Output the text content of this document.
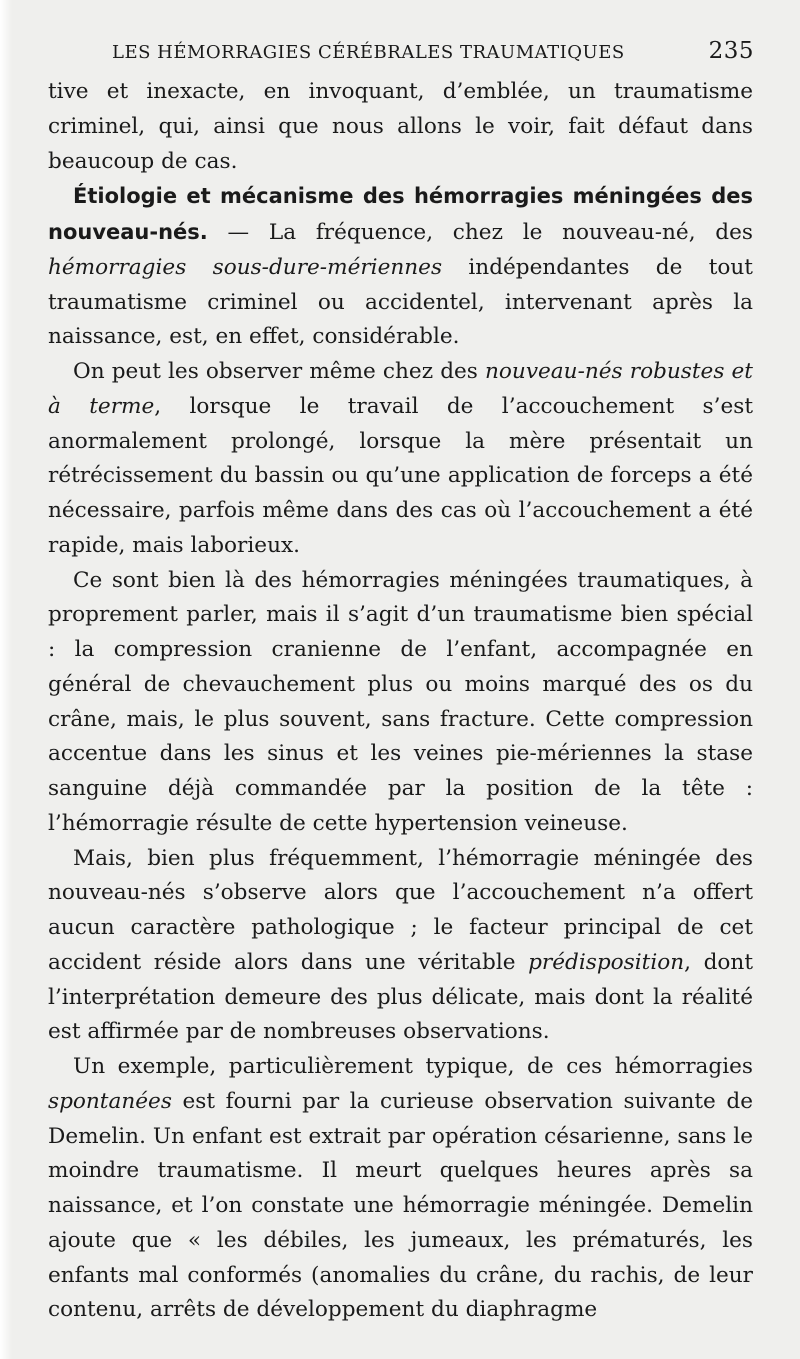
LES HÉMORRAGIES CÉRÉBRALES TRAUMATIQUES	235

tive et inexacte, en invoquant, d’emblée, un traumatisme criminel, qui, ainsi que nous allons le voir, fait défaut dans beaucoup de cas.

Étiologie et mécanisme des hémorragies méningées des nouveau-nés. — La fréquence, chez le nouveau-né, des hémorragies sous-dure-mériennes indépendantes de tout traumatisme criminel ou accidentel, intervenant après la naissance, est, en effet, considérable.

On peut les observer même chez des nouveau-nés robustes et à terme, lorsque le travail de l’accouchement s’est anormalement prolongé, lorsque la mère présentait un rétrécissement du bassin ou qu’une application de forceps a été nécessaire, parfois même dans des cas où l’accouchement a été rapide, mais laborieux.

Ce sont bien là des hémorragies méningées traumatiques, à proprement parler, mais il s’agit d’un traumatisme bien spécial : la compression cranienne de l’enfant, accompagnée en général de chevauchement plus ou moins marqué des os du crâne, mais, le plus souvent, sans fracture. Cette compression accentue dans les sinus et les veines pie-mériennes la stase sanguine déjà commandée par la position de la tête : l’hémorragie résulte de cette hypertension veineuse.

Mais, bien plus fréquemment, l’hémorragie méningée des nouveau-nés s’observe alors que l’accouchement n’a offert aucun caractère pathologique ; le facteur principal de cet accident réside alors dans une véritable prédisposition, dont l’interprétation demeure des plus délicate, mais dont la réalité est affirmée par de nombreuses observations.

Un exemple, particulièrement typique, de ces hémorragies spontanées est fourni par la curieuse observation suivante de Demelin. Un enfant est extrait par opération césarienne, sans le moindre traumatisme. Il meurt quelques heures après sa naissance, et l’on constate une hémorragie méningée. Demelin ajoute que « les débiles, les jumeaux, les prématurés, les enfants mal conformés (anomalies du crâne, du rachis, de leur contenu, arrêts de développement du diaphragme
